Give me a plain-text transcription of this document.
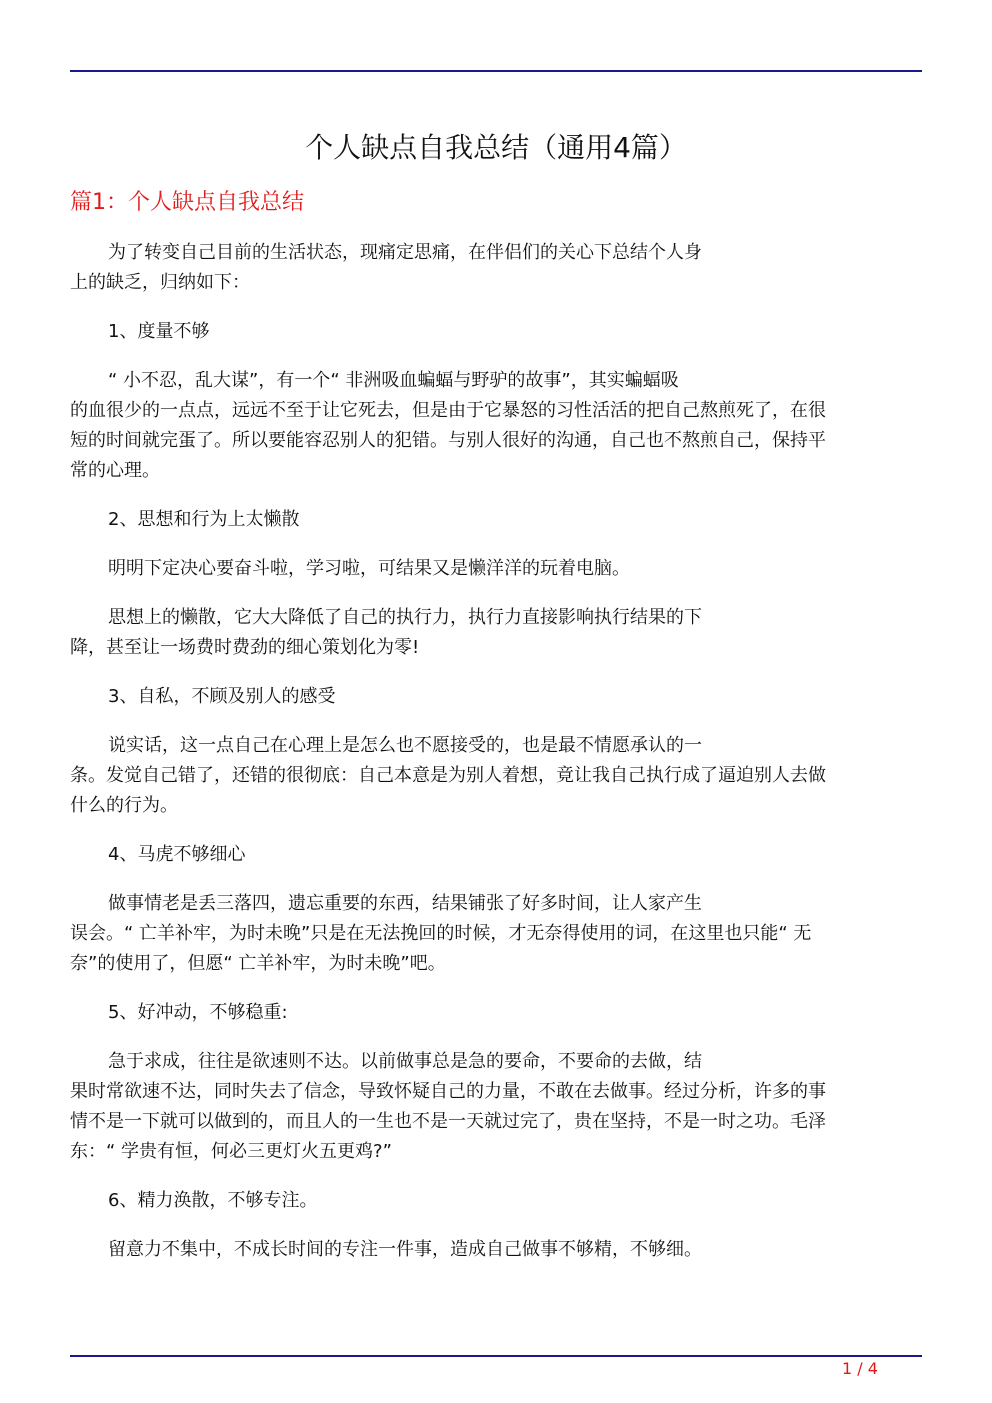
个人缺点自我总结（通用4篇）
篇1：个人缺点自我总结

为了转变自己目前的生活状态，现痛定思痛，在伴侣们的关心下总结个人身
上的缺乏，归纳如下：

1、度量不够

“ 小不忍，乱大谋”，有一个“ 非洲吸血蝙蝠与野驴的故事”，其实蝙蝠吸
的血很少的一点点，远远不至于让它死去，但是由于它暴怒的习性活活的把自己熬煎死了，在很
短的时间就完蛋了。所以要能容忍别人的犯错。与别人很好的沟通，自己也不熬煎自己，保持平
常的心理。

2、思想和行为上太懒散

明明下定决心要奋斗啦，学习啦，可结果又是懒洋洋的玩着电脑。

思想上的懒散，它大大降低了自己的执行力，执行力直接影响执行结果的下
降，甚至让一场费时费劲的细心策划化为零!

3、自私，不顾及别人的感受

说实话，这一点自己在心理上是怎么也不愿接受的，也是最不情愿承认的一
条。发觉自己错了，还错的很彻底：自己本意是为别人着想，竟让我自己执行成了逼迫别人去做
什么的行为。

4、马虎不够细心

做事情老是丢三落四，遗忘重要的东西，结果铺张了好多时间，让人家产生
误会。“ 亡羊补牢，为时未晚”只是在无法挽回的时候，才无奈得使用的词，在这里也只能“ 无
奈”的使用了，但愿“ 亡羊补牢，为时未晚”吧。

5、好冲动，不够稳重:

急于求成，往往是欲速则不达。以前做事总是急的要命，不要命的去做，结
果时常欲速不达，同时失去了信念，导致怀疑自己的力量，不敢在去做事。经过分析，许多的事
情不是一下就可以做到的，而且人的一生也不是一天就过完了，贵在坚持，不是一时之功。毛泽
东：“ 学贵有恒，何必三更灯火五更鸡?”

6、精力涣散，不够专注。

留意力不集中，不成长时间的专注一件事，造成自己做事不够精，不够细。

1 / 4
